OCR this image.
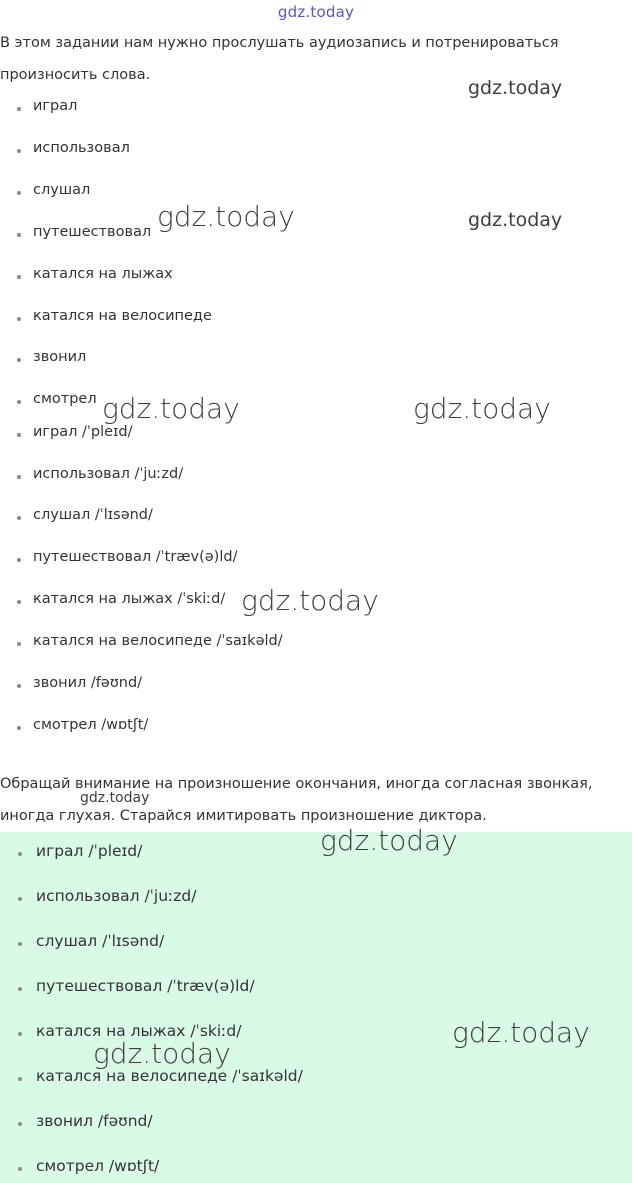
gdz.today
В этом задании нам нужно прослушать аудиозапись и потренироваться произносить слова.
играл
использовал
слушал
путешествовал
катался на лыжах
катался на велосипеде
звонил
смотрел
играл /ˈpleɪd/
использовал /ˈjuːzd/
слушал /ˈlɪsənd/
путешествовал /ˈtræv(ə)ld/
катался на лыжах /ˈskiːd/
катался на велосипеде /ˈsaɪkəld/
звонил /fəʊnd/
смотрел /wɒtʃt/
Обращай внимание на произношение окончания, иногда согласная звонкая, иногда глухая. Старайся имитировать произношение диктора.
играл /ˈpleɪd/
использовал /ˈjuːzd/
слушал /ˈlɪsənd/
путешествовал /ˈtræv(ə)ld/
катался на лыжах /ˈskiːd/
катался на велосипеде /ˈsaɪkəld/
звонил /fəʊnd/
смотрел /wɒtʃt/
gdz.today
gdz.today	gdz.today
gdz.today	gdz.today
gdz.today
gdz.today
gdz.today
gdz.today
gdz.today
